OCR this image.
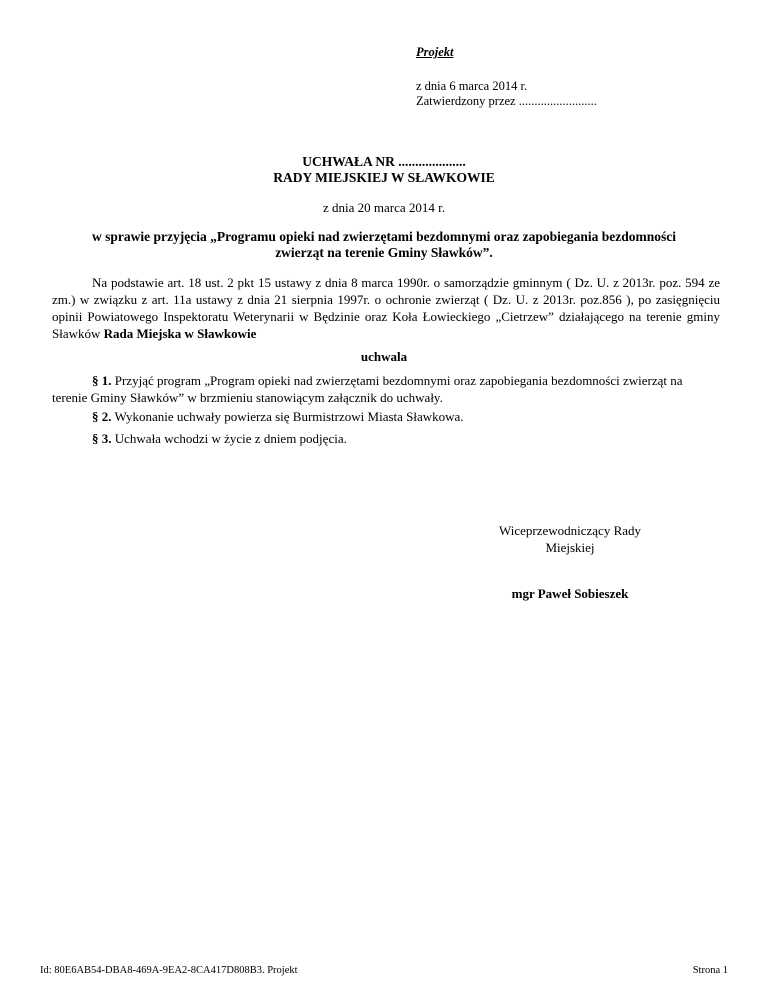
Projekt
z dnia 6 marca 2014 r.
Zatwierdzony przez .........................
UCHWAŁA NR ....................
RADY MIEJSKIEJ W SŁAWKOWIE
z dnia 20 marca 2014 r.
w sprawie przyjęcia „Programu opieki nad zwierzętami bezdomnymi oraz zapobiegania bezdomności
zwierząt na terenie Gminy Sławków”.
Na podstawie art. 18 ust. 2 pkt 15 ustawy z dnia 8 marca 1990r. o samorządzie gminnym ( Dz. U. z 2013r. poz. 594 ze zm.) w związku z art. 11a ustawy z dnia 21 sierpnia 1997r. o ochronie zwierząt ( Dz. U. z 2013r. poz.856 ), po zasięgnięciu opinii Powiatowego Inspektoratu Weterynarii w Będzinie oraz Koła Łowieckiego „Cietrzew” działającego na terenie gminy Sławków Rada Miejska w Sławkowie
uchwala
§ 1. Przyjąć program „Program opieki nad zwierzętami bezdomnymi oraz zapobiegania bezdomności zwierząt na terenie Gminy Sławków” w brzmieniu stanowiącym załącznik do uchwały.
§ 2. Wykonanie uchwały powierza się Burmistrzowi Miasta Sławkowa.
§ 3. Uchwała wchodzi w życie z dniem podjęcia.
Wiceprzewodniczący Rady
Miejskiej
mgr Paweł Sobieszek
Id: 80E6AB54-DBA8-469A-9EA2-8CA417D808B3. Projekt	Strona 1
